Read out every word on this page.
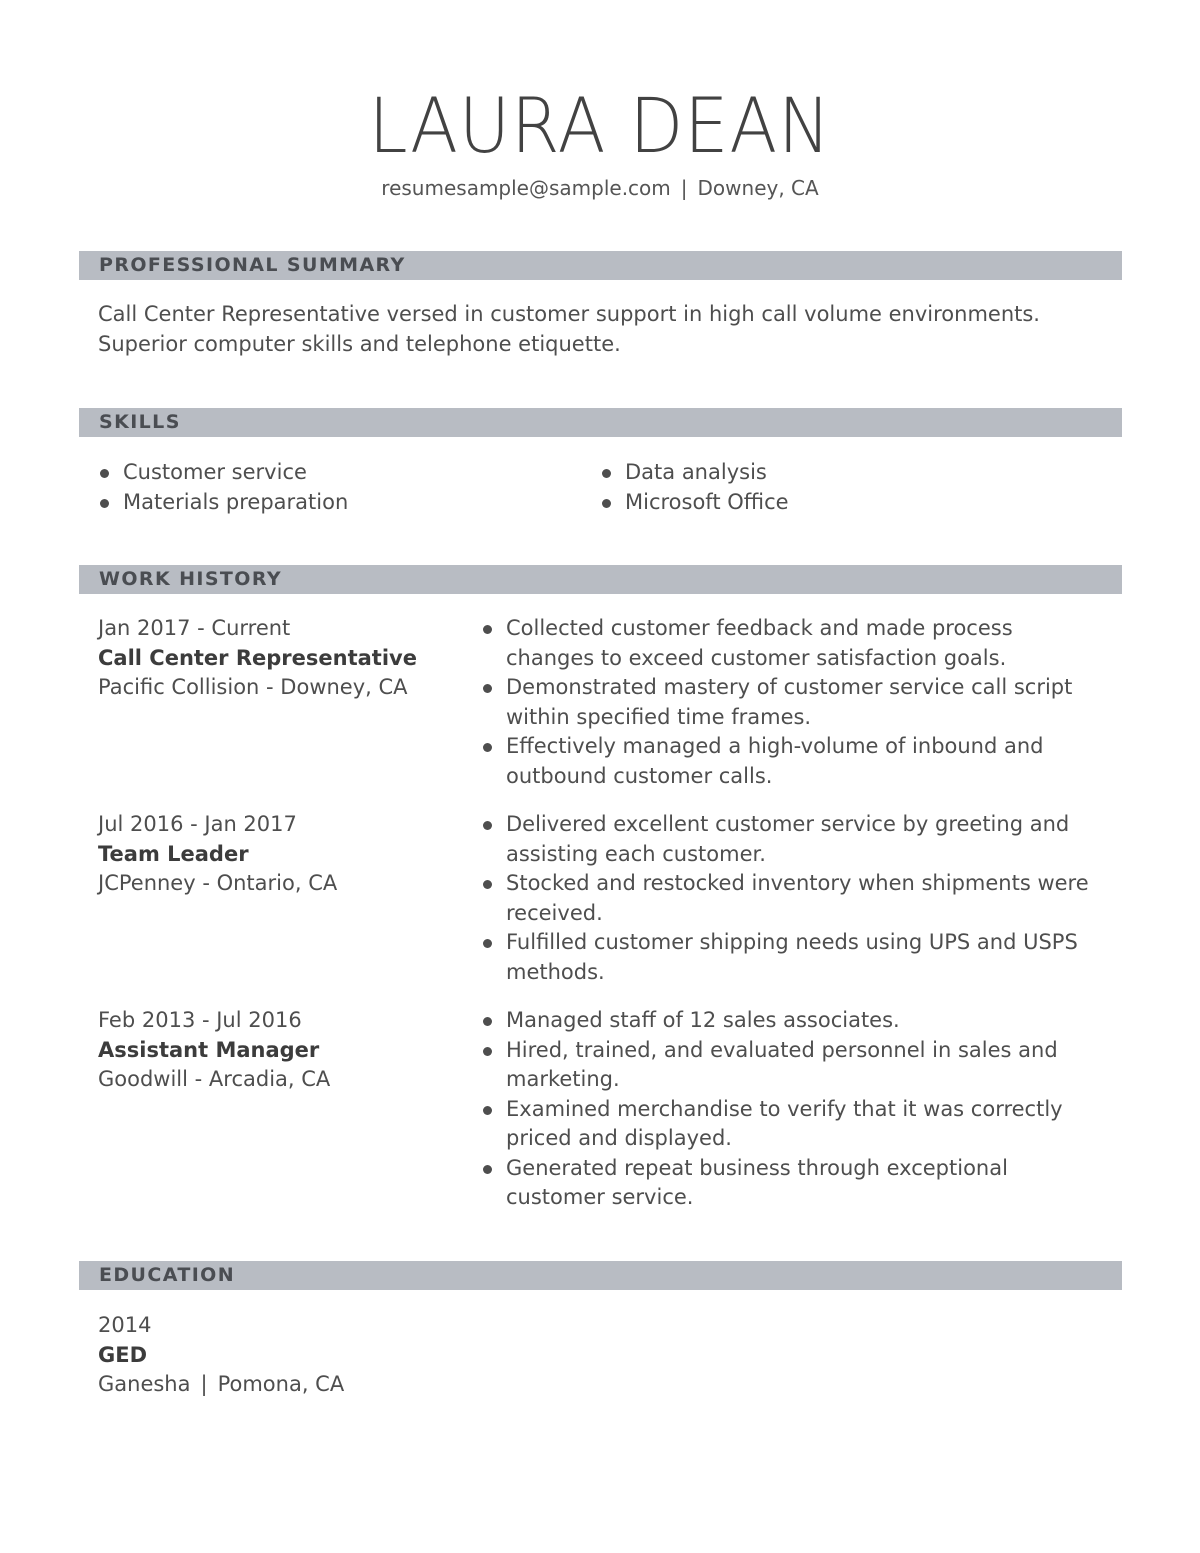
LAURA DEAN
resumesample@sample.com | Downey, CA
PROFESSIONAL SUMMARY
Call Center Representative versed in customer support in high call volume environments.
Superior computer skills and telephone etiquette.
SKILLS
Customer service
Materials preparation
Data analysis
Microsoft Office
WORK HISTORY
Jan 2017 - Current
Call Center Representative
Pacific Collision - Downey, CA
Collected customer feedback and made process
changes to exceed customer satisfaction goals.
Demonstrated mastery of customer service call script
within specified time frames.
Effectively managed a high-volume of inbound and
outbound customer calls.
Jul 2016 - Jan 2017
Team Leader
JCPenney - Ontario, CA
Delivered excellent customer service by greeting and
assisting each customer.
Stocked and restocked inventory when shipments were
received.
Fulfilled customer shipping needs using UPS and USPS
methods.
Feb 2013 - Jul 2016
Assistant Manager
Goodwill - Arcadia, CA
Managed staff of 12 sales associates.
Hired, trained, and evaluated personnel in sales and
marketing.
Examined merchandise to verify that it was correctly
priced and displayed.
Generated repeat business through exceptional
customer service.
EDUCATION
2014
GED
Ganesha | Pomona, CA
